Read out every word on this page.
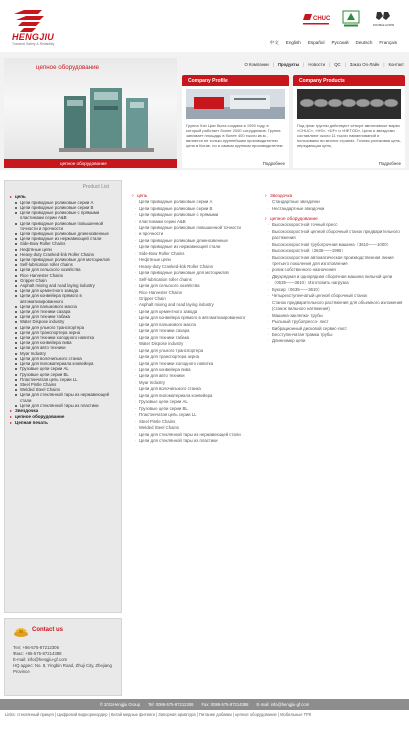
HENGJIU
Transmit Safety & Reliability
CHUC
DOUBLE HORSE
中文 English Español Pусский Deutsch Français
цепное оборудование
цепное оборудование
О Компании | Продукты | Новости | QC | Заказ On-Лайн | Контакт
Company Profile
Группа Хэн Цзю была создана в 1993 году, в который работает более 2000 сотрудников. Группа занимает площадь в более 400 тысяч кв.м., является не только крупнейшим производителем цепи в Китае, но и самым крупным производителем
Подробнее
Company Products
Под флаг группы действуют четыре автономные марки «CHUC», «HS», «DF» и «HETOD». Цепи и звездочки составляют около 11 тысяч наименований и пользованы во многих странах. Точная роликовая цепь, передающая цепь,
Подробнее
Product List
▸ цепь
Цепи приводные роликовые серии А
Цепи приводные роликовые серии B
Цепи приводные роликовые с прямыми пластинами серии A&B
Цепи приводные роликовые повышенной точности и прочности
Цепи приводные роликовые длиннозвенные
Цепи приводные из нержавеющей стали
Side-Bow Roller Chains
Нефтяные цепи
Heavy-duty Cranked-link Roller Chains
Цепи приводные роликовые для мотоциклов
Self-lubrication roller chains
Цепи для сельского хозяйства
Rice Harvester Chains
Gripper Chain
Asphalt mixing and road laying industry
Цепи для цементного завода
Цепи для конвейера прямого в автоматизированного
Цепи для пальмового масла
Цепи для техники сахара
Цепи для техники табака
Water Dispose industry
Цепи для ульного транспортера
Цепи для транспортера зерна
Цепи для техники холодного напитка
Цепи для конвейера пива
Цепи для авто техники
Мyar Industry
Цепи для волочильного станка
Цепи для пиломатериала конвейера
Грузовые цепи серии AL
Грузовые цепи серии BL
Пластинчатая цепь серии LL
Steel Pintle Chains
Welded Steel Chains
Цепи для стеклянной тары из нержавеющей стали
Цепи для стеклянной тары из пластики
▸ Звездочка
▸ цепное оборудование
▸ Цепная печать
Contact us
Тел: +86-575-87212306
Факс: +86-575-87214388
E-mail: info@hengjiu-gf.com
HQ адрес: No. 8, Yingbin Road, Zhuji City, Zhejiang Province
› цепь
· Цепи приводные роликовые серии А
· Цепи приводные роликовые серии B
· Цепи приводные роликовые с прямыми
· пластинами серии A&B
· Цепи приводные роликовые повышенной точности
· и прочности
· Цепи приводные роликовые длиннозвенные
· Цепи приводные из нержавеющей стали
· Side-Bow Roller Chains
· Нефтяные цепи
· Heavy-duty Cranked-link Roller Chains
· Цепи приводные роликовые для мотоциклов
· Self-lubrication roller chains
· Цепи для сельского хозяйства
· Rice Harvester Chains
· Gripper Chain
· Asphalt mixing and road laying industry
· Цепи для цементного завода
· Цепи для конвейера прямого в автоматизированного
· Цепи для пальмового масла
· Цепи для техники сахара
· Цепи для техники табака
· Water Dispose industry
· Цепи для ульного транспортера
· Цепи для транспортера зерна
· Цепи для техники холодного напитка
· Цепи для конвейера пива
· Цепи для авто техники
· Мyar Industry
· Цепи для волочильного станка
· Цепи для пиломатериала конвейера
· Грузовые цепи серии AL
· Грузовые цепи серии BL
· Пластинчатая цепь серии LL
· Steel Pintle Chains
· Welded Steel Chains
· Цепи для стеклянной тары из нержавеющей стали
· Цепи для стеклянной тары из пластики
› Звездочка
· Стандартные звездочки
· Нестандартные звездочки
› цепное оборудование
· Высокоскоростной точный пресс
· Высокоскоростной цепной сборочный станок предварительного растяжения
· Высокоскоростная трубогрочная машина（3610——1000）
· Высокоскоростной（3635——1995）
· Высокоскоростная автоматическая производственная линия третьего поколения для изготовления
· ролик собственного назначения
· Двухрядная и однорядная сборочная машина пильной цепи
· （0635——3610）Изготовить нагрузка
· Буксир（0635——3610）
· Четырехступенчатый цепной сборочный станок
· Станок предварительного растяжения для объемного изложения (станок пильного натяжения)
· Машина-заклепка- трубы
· Рыльный трубопрессо- лист
· Вибрационный дисковой сервис-лист
· Бесступенчатая трамка трубы
· Длинномер цепи
© 2011Hengjiu Group Tel: 0086-575-87212306 Fax: 0086-575-87214388 E-mail: info@hengjiu-gf.com
Links: стеклянный прицеп | Цифровой видеорекордер | Китай медные фитинги | Запорная арматура | Питание добавки | цепное оборудование | Мобильные ТРК
